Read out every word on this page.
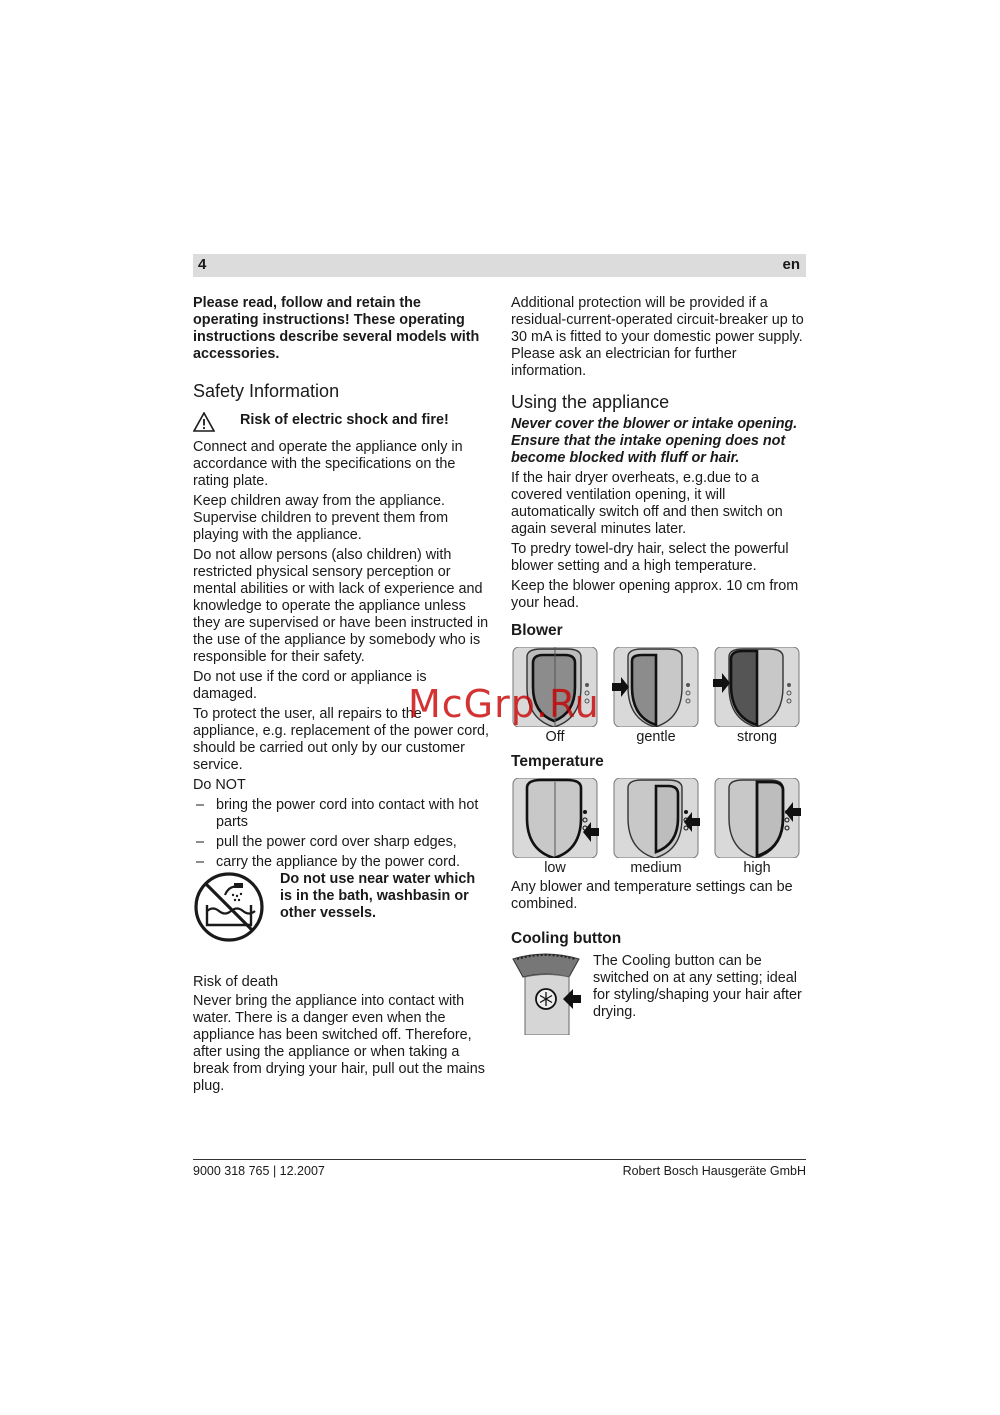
4	en

Please read, follow and retain the operating instructions! These operating instructions describe several models with accessories.

Safety Information
Risk of electric shock and fire!

Connect and operate the appliance only in accordance with the specifications on the rating plate.

Keep children away from the appliance. Supervise children to prevent them from playing with the appliance.

Do not allow persons (also children) with restricted physical sensory perception or mental abilities or with lack of experience and knowledge to operate the appliance unless they are supervised or have been instructed in the use of the appliance by somebody who is responsible for their safety.

Do not use if the cord or appliance is damaged.

To protect the user, all repairs to the appliance, e.g. replacement of the power cord, should be carried out only by our customer service.

Do NOT

– bring the power cord into contact with hot parts
– pull the power cord over sharp edges,
– carry the appliance by the power cord.
Do not use near water which is in the bath, washbasin or other vessels.
Risk of death

Never bring the appliance into contact with water. There is a danger even when the appliance has been switched off. Therefore, after using the appliance or when taking a break from drying your hair, pull out the mains plug.

Additional protection will be provided if a residual-current-operated circuit-breaker up to 30 mA is fitted to your domestic power supply. Please ask an electrician for further information.

Using the appliance

Never cover the blower or intake opening. Ensure that the intake opening does not become blocked with fluff or hair.

If the hair dryer overheats, e.g.due to a covered ventilation opening, it will automatically switch off and then switch on again several minutes later.

To predry towel-dry hair, select the powerful blower setting and a high temperature.

Keep the blower opening approx. 10 cm from your head.

Blower
Off	gentle	strong
Temperature
low	medium	high

Any blower and temperature settings can be combined.

Cooling button
The Cooling button can be switched on at any setting; ideal for styling/shaping your hair after drying.
9000 318 765 | 12.2007	Robert Bosch Hausgeräte GmbH
McGrp.Ru
